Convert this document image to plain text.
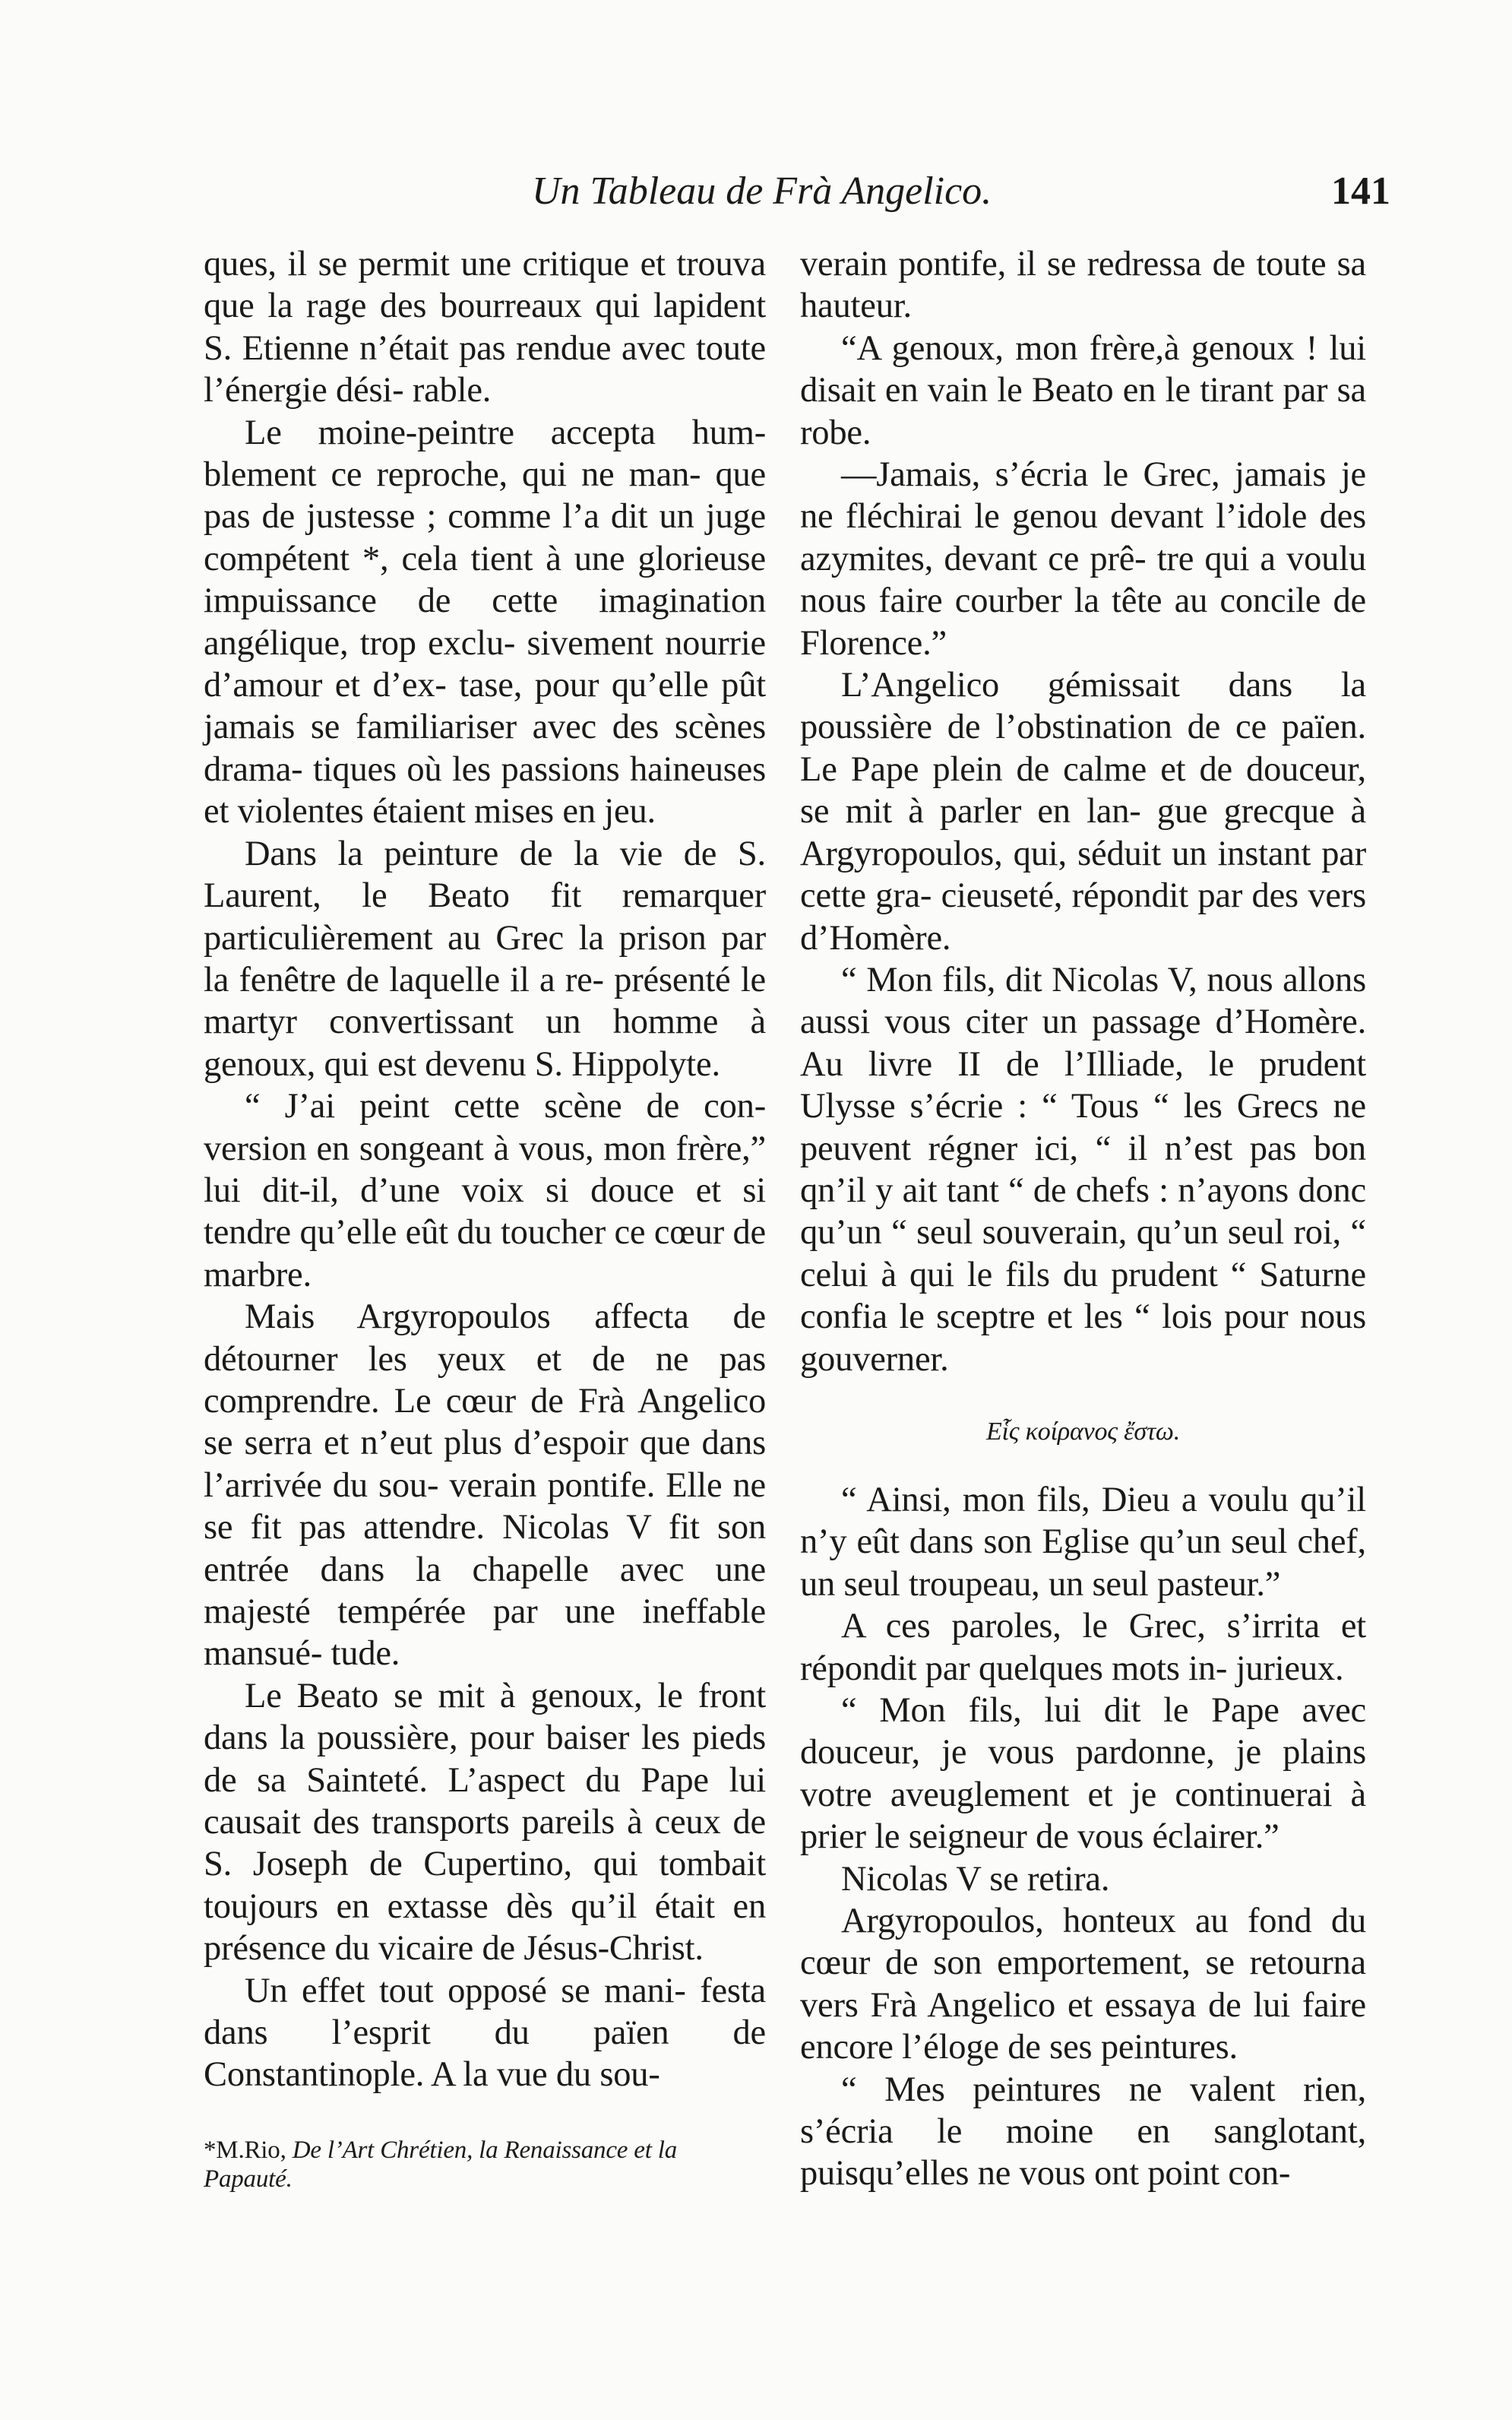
Un Tableau de Frà Angelico.	141

ques, il se permit une critique et trouva que la rage des bourreaux qui lapident S. Etienne n’était pas rendue avec toute l’énergie dési- rable.

Le moine-peintre accepta hum- blement ce reproche, qui ne man- que pas de justesse ; comme l’a dit un juge compétent *, cela tient à une glorieuse impuissance de cette imagination angélique, trop exclu- sivement nourrie d’amour et d’ex- tase, pour qu’elle pût jamais se familiariser avec des scènes drama- tiques où les passions haineuses et violentes étaient mises en jeu.

Dans la peinture de la vie de S. Laurent, le Beato fit remarquer particulièrement au Grec la prison par la fenêtre de laquelle il a re- présenté le martyr convertissant un homme à genoux, qui est devenu S. Hippolyte.

“ J’ai peint cette scène de con- version en songeant à vous, mon frère,” lui dit-il, d’une voix si douce et si tendre qu’elle eût du toucher ce cœur de marbre.

Mais Argyropoulos affecta de détourner les yeux et de ne pas comprendre. Le cœur de Frà Angelico se serra et n’eut plus d’espoir que dans l’arrivée du sou- verain pontife. Elle ne se fit pas attendre. Nicolas V fit son entrée dans la chapelle avec une majesté tempérée par une ineffable mansué- tude.

Le Beato se mit à genoux, le front dans la poussière, pour baiser les pieds de sa Sainteté. L’aspect du Pape lui causait des transports pareils à ceux de S. Joseph de Cupertino, qui tombait toujours en extasse dès qu’il était en présence du vicaire de Jésus-Christ.

Un effet tout opposé se mani- festa dans l’esprit du païen de Constantinople. A la vue du sou-

*M.Rio, De l’Art Chrétien, la Renaissance et la Papauté.

verain pontife, il se redressa de toute sa hauteur.

“A genoux, mon frère,à genoux ! lui disait en vain le Beato en le tirant par sa robe.

—Jamais, s’écria le Grec, jamais je ne fléchirai le genou devant l’idole des azymites, devant ce prê- tre qui a voulu nous faire courber la tête au concile de Florence.”

L’Angelico gémissait dans la poussière de l’obstination de ce païen. Le Pape plein de calme et de douceur, se mit à parler en lan- gue grecque à Argyropoulos, qui, séduit un instant par cette gra- cieuseté, répondit par des vers d’Homère.

“ Mon fils, dit Nicolas V, nous allons aussi vous citer un passage d’Homère. Au livre II de l’Illiade, le prudent Ulysse s’écrie : “ Tous “ les Grecs ne peuvent régner ici, “ il n’est pas bon qn’il y ait tant “ de chefs : n’ayons donc qu’un “ seul souverain, qu’un seul roi, “ celui à qui le fils du prudent “ Saturne confia le sceptre et les “ lois pour nous gouverner.

Εἷς κοίρανος ἔστω.

“ Ainsi, mon fils, Dieu a voulu qu’il n’y eût dans son Eglise qu’un seul chef, un seul troupeau, un seul pasteur.”

A ces paroles, le Grec, s’irrita et répondit par quelques mots in- jurieux.

“ Mon fils, lui dit le Pape avec douceur, je vous pardonne, je plains votre aveuglement et je continuerai à prier le seigneur de vous éclairer.”

Nicolas V se retira.

Argyropoulos, honteux au fond du cœur de son emportement, se retourna vers Frà Angelico et essaya de lui faire encore l’éloge de ses peintures.

“ Mes peintures ne valent rien, s’écria le moine en sanglotant, puisqu’elles ne vous ont point con-
